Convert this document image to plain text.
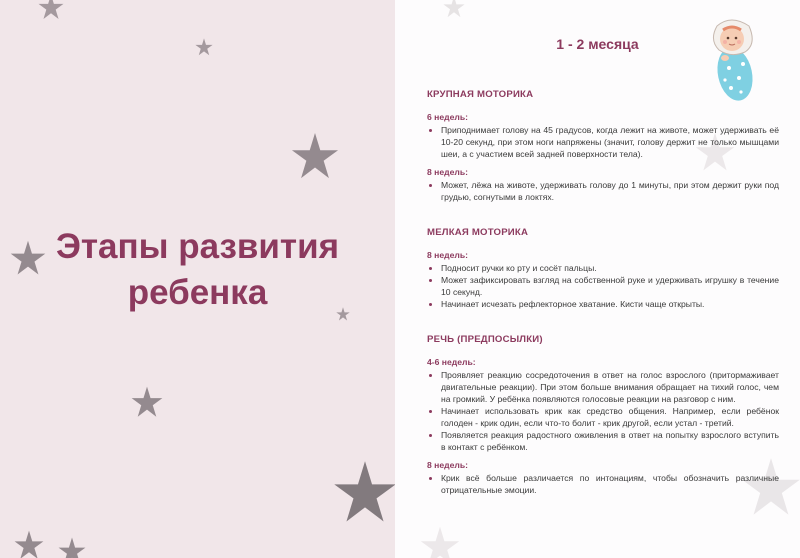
Этапы развития
ребенка
1 - 2 месяца
КРУПНАЯ МОТОРИКА
6 недель:
• Приподнимает голову на 45 градусов, когда лежит на животе, может удерживать её 10-20 секунд, при этом ноги напряжены (значит, голову держит не только мышцами шеи, а с участием всей задней поверхности тела).
8 недель:
• Может, лёжа на животе, удерживать голову до 1 минуты, при этом держит руки под грудью, согнутыми в локтях.
МЕЛКАЯ МОТОРИКА
8 недель:
• Подносит ручки ко рту и сосёт пальцы.
• Может зафиксировать взгляд на собственной руке и удерживать игрушку в течение 10 секунд.
• Начинает исчезать рефлекторное хватание. Кисти чаще открыты.
РЕЧЬ (ПРЕДПОСЫЛКИ)
4-6 недель:
• Проявляет реакцию сосредоточения в ответ на голос взрослого (притормаживает двигательные реакции). При этом больше внимания обращает на тихий голос, чем на громкий. У ребёнка появляются голосовые реакции на разговор с ним.
• Начинает использовать крик как средство общения. Например, если ребёнок голоден - крик один, если что-то болит - крик другой, если устал - третий.
• Появляется реакция радостного оживления в ответ на попытку взрослого вступить в контакт с ребёнком.
8 недель:
• Крик всё больше различается по интонациям, чтобы обозначить различные отрицательные эмоции.
